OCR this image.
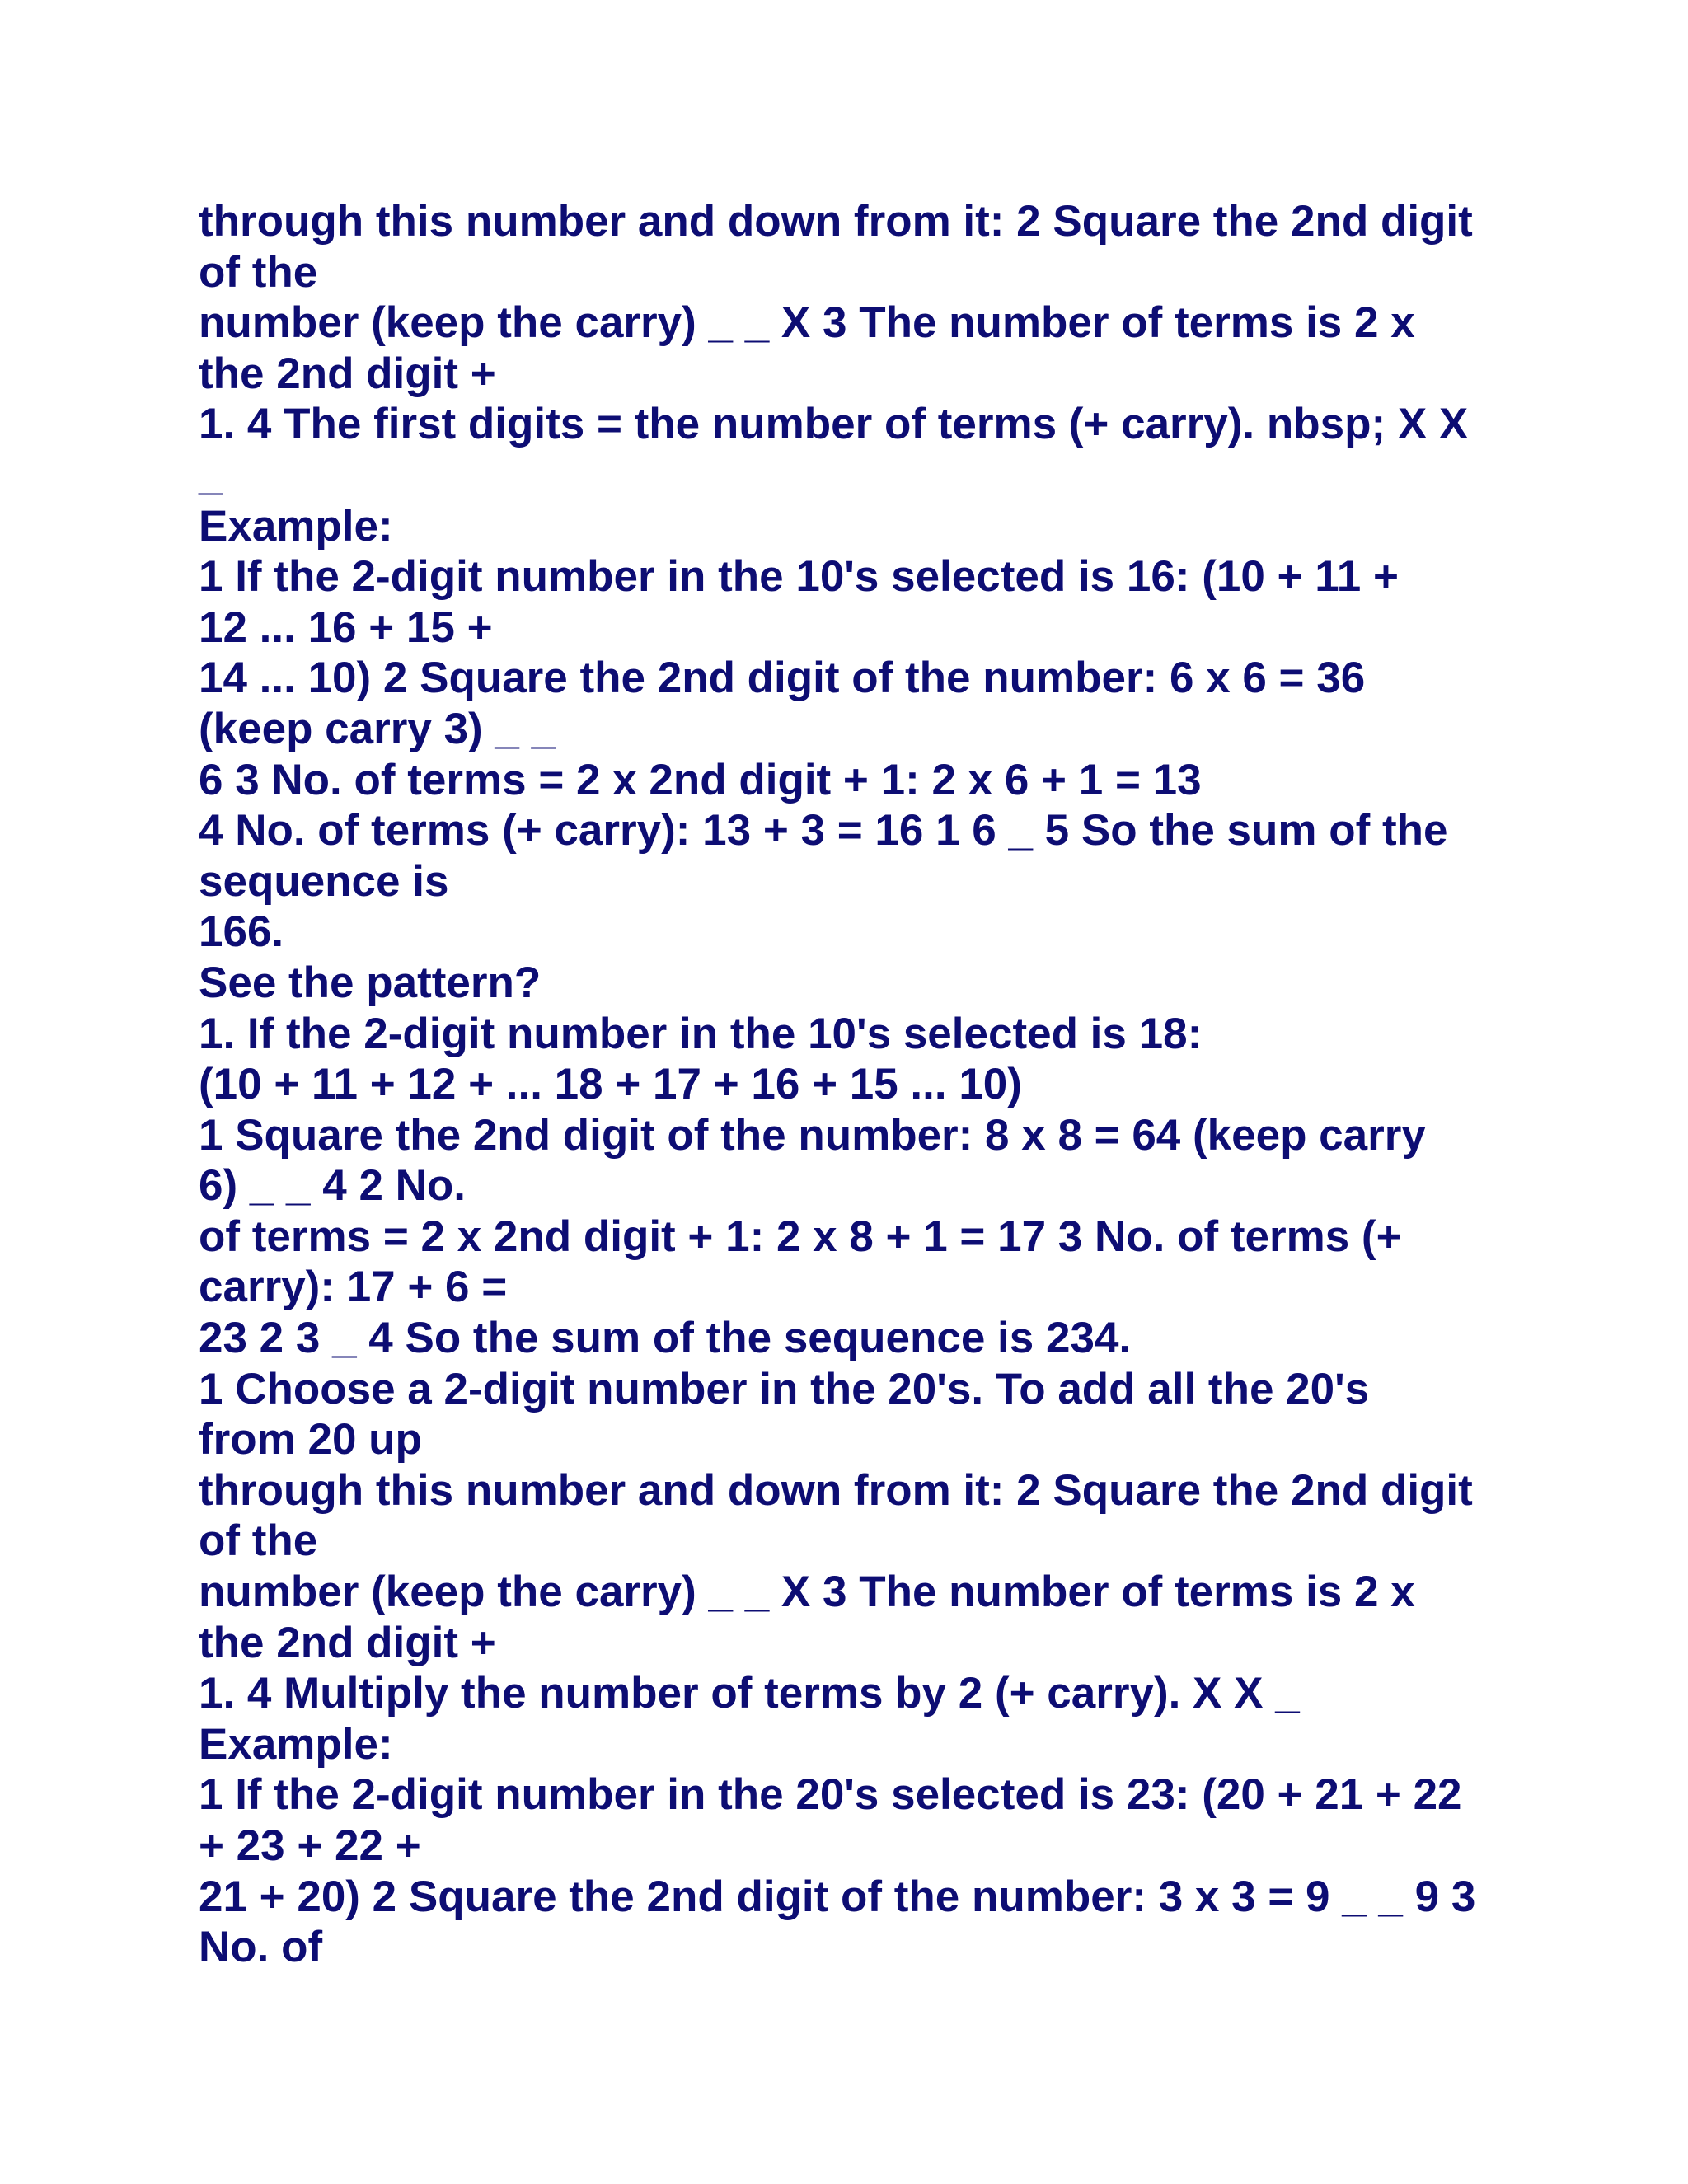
through this number and down from it: 2 Square the 2nd digit
of the
number (keep the carry) _ _ X 3 The number of terms is 2 x
the 2nd digit +
1. 4 The first digits = the number of terms (+ carry). nbsp; X X
_
Example:
1 If the 2-digit number in the 10's selected is 16: (10 + 11 +
12 ... 16 + 15 +
14 ... 10) 2 Square the 2nd digit of the number: 6 x 6 = 36
(keep carry 3) _ _
6 3 No. of terms = 2 x 2nd digit + 1: 2 x 6 + 1 = 13
4 No. of terms (+ carry): 13 + 3 = 16 1 6 _ 5 So the sum of the
sequence is
166.
See the pattern?
1. If the 2-digit number in the 10's selected is 18:
(10 + 11 + 12 + ... 18 + 17 + 16 + 15 ... 10)
1 Square the 2nd digit of the number: 8 x 8 = 64 (keep carry
6) _ _ 4 2 No.
of terms = 2 x 2nd digit + 1: 2 x 8 + 1 = 17 3 No. of terms (+
carry): 17 + 6 =
23 2 3 _ 4 So the sum of the sequence is 234.
1 Choose a 2-digit number in the 20's. To add all the 20's
from 20 up
through this number and down from it: 2 Square the 2nd digit
of the
number (keep the carry) _ _ X 3 The number of terms is 2 x
the 2nd digit +
1. 4 Multiply the number of terms by 2 (+ carry). X X _
Example:
1 If the 2-digit number in the 20's selected is 23: (20 + 21 + 22
+ 23 + 22 +
21 + 20) 2 Square the 2nd digit of the number: 3 x 3 = 9 _ _ 9 3
No. of
